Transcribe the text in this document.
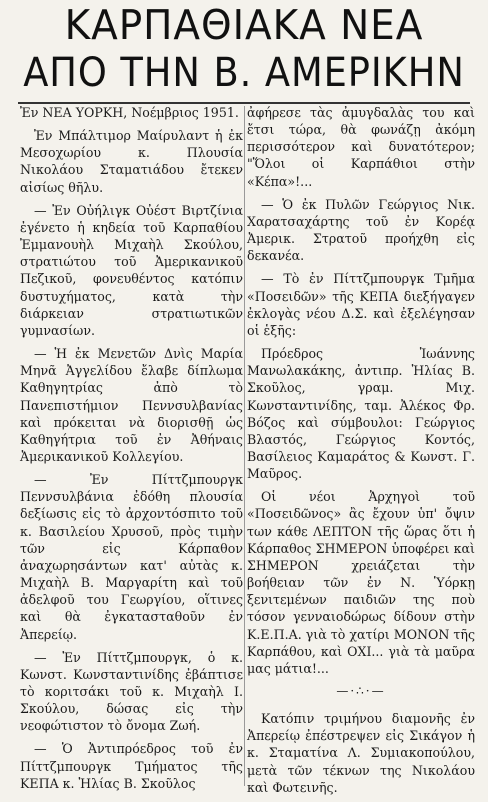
ΚΑΡΠΑΘΙΑΚΑ ΝΕΑ
ΑΠΟ ΤΗΝ Β. ΑΜΕΡΙΚΗΝ

Ἐν ΝΕΑ ΥΟΡΚΗ, Νοέμβριος 1951.

Ἐν Μπάλτιμορ Μαίρυλαντ ἡ ἐκ Μεσοχωρίου κ. Πλουσία Νικολάου Σταματιάδου ἔτεκεν αἰσίως θῆλυ.

— Ἐν Οὐήλιγκ Οὐέστ Βιρτζίνια ἐγένετο ἡ κηδεία τοῦ Καρπαθίου Ἐμμανουὴλ Μιχαὴλ Σκούλου, στρατιώτου τοῦ Ἀμερικανικοῦ Πεζικοῦ, φονευθέντος κατόπιν δυστυχήματος, κατὰ τὴν διάρκειαν στρατιωτικῶν γυμνασίων.

— Ἡ ἐκ Μενετῶν Δνὶς Μαρία Μηνᾶ Ἀγγελίδου ἔλαβε δίπλωμα Καθηγητρίας ἀπὸ τὸ Πανεπιστήμιον Πεννσυλβανίας καὶ πρόκειται νὰ διορισθῇ ὡς Καθηγήτρια τοῦ ἐν Ἀθήναις Ἀμερικανικοῦ Κολλεγίου.

— Ἐν Πίττζμπουργκ Πεννσυλβάνια ἐδόθη πλουσία δεξίωσις εἰς τὸ ἀρχοντόσπιτο τοῦ κ. Βασιλείου Χρυσοῦ, πρὸς τιμὴν τῶν εἰς Κάρπαθον ἀναχωρησάντων κατ' αὐτὰς κ. Μιχαὴλ Β. Μαργαρίτη καὶ τοῦ ἀδελφοῦ του Γεωργίου, οἵτινες καὶ θὰ ἐγκατασταθοῦν ἐν Ἀπερείῳ.

— Ἐν Πίττζμπουργκ, ὁ κ. Κωνστ. Κωνσταντινίδης ἐβάπτισε τὸ κοριτσάκι τοῦ κ. Μιχαὴλ Ι. Σκούλου, δώσας εἰς τὴν νεοφώτιστον τὸ ὄνομα Ζωή.

— Ὁ Ἀντιπρόεδρος τοῦ ἐν Πίττζμπουργκ Τμήματος τῆς ΚΕΠΑ κ. Ἠλίας Β. Σκοῦλος

ἀφήρεσε τὰς ἀμυγδαλὰς του καὶ ἔτσι τώρα, θὰ φωνάζῃ ἀκόμη περισσότερον καὶ δυνατότερον; "Ὅλοι οἱ Καρπάθιοι στὴν «Κέπα»!...

— Ὁ ἐκ Πυλῶν Γεώργιος Νικ. Χαρατσαχάρτης τοῦ ἐν Κορέᾳ Ἀμερικ. Στρατοῦ προήχθη εἰς δεκανέα.

— Τὸ ἐν Πίττζμπουργκ Τμῆμα «Ποσειδῶν» τῆς ΚΕΠΑ διεξήγαγεν ἐκλογὰς νέου Δ.Σ. καὶ ἐξελέγησαν οἱ ἑξῆς:

Πρόεδρος Ἰωάννης Μανωλακάκης, ἀντιπρ. Ἠλίας Β. Σκοῦλος, γραμ. Μιχ. Κωνσταντινίδης, ταμ. Ἀλέκος Φρ. Βόζος καὶ σύμβουλοι: Γεώργιος Βλαστός, Γεώργιος Κοντός, Βασίλειος Καμαράτος & Κωνστ. Γ. Μαῦρος.

Οἱ νέοι Ἀρχηγοὶ τοῦ «Ποσειδῶνος» ἂς ἔχουν ὑπ' ὄψιν των κάθε ΛΕΠΤΟΝ τῆς ὥρας ὅτι ἡ Κάρπαθος ΣΗΜΕΡΟΝ ὑποφέρει καὶ ΣΗΜΕΡΟΝ χρειάζεται τὴν βοήθειαν τῶν ἐν Ν. Ὑόρκῃ ξενιτεμένων παιδιῶν της ποὺ τόσον γενναιοδώρως δίδουν στὴν Κ.Ε.Π.Α. γιὰ τὸ χατίρι ΜΟΝΟΝ τῆς Καρπάθου, καὶ ΟΧΙ... γιὰ τὰ μαῦρα μας μάτια!...

—·∴·—

Κατόπιν τριμήνου διαμονῆς ἐν Ἀπερείῳ ἐπέστρεψεν εἰς Σικάγον ἡ κ. Σταματίνα Λ. Συμιακοπούλου, μετὰ τῶν τέκνων της Νικολάου καὶ Φωτεινῆς.
